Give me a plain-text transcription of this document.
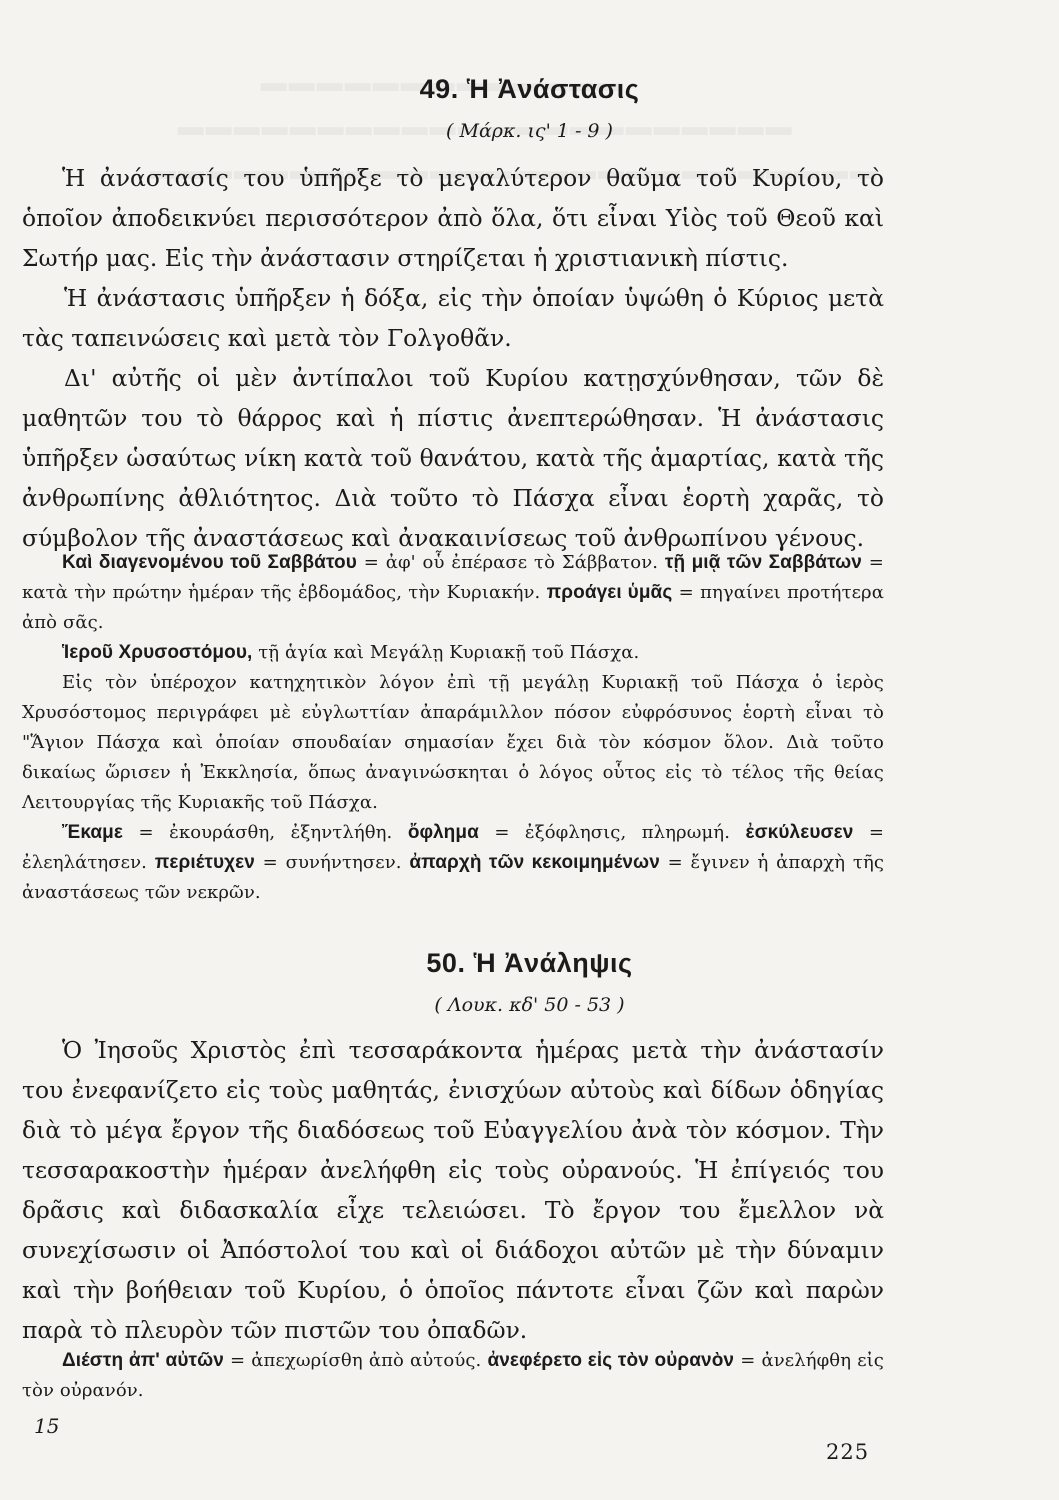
49. Ἡ Ἀνάστασις
( Μάρκ. ις' 1 - 9 )

Ἡ ἀνάστασίς του ὑπῆρξε τὸ μεγαλύτερον θαῦμα τοῦ Κυρίου, τὸ ὁποῖον ἀποδεικνύει περισσότερον ἀπὸ ὅλα, ὅτι εἶναι Υἱὸς τοῦ Θεοῦ καὶ Σωτήρ μας. Εἰς τὴν ἀνάστασιν στηρίζεται ἡ χριστιανικὴ πίστις.

Ἡ ἀνάστασις ὑπῆρξεν ἡ δόξα, εἰς τὴν ὁποίαν ὑψώθη ὁ Κύριος μετὰ τὰς ταπεινώσεις καὶ μετὰ τὸν Γολγοθᾶν.

Δι' αὐτῆς οἱ μὲν ἀντίπαλοι τοῦ Κυρίου κατῃσχύνθησαν, τῶν δὲ μαθητῶν του τὸ θάρρος καὶ ἡ πίστις ἀνεπτερώθησαν. Ἡ ἀνάστασις ὑπῆρξεν ὡσαύτως νίκη κατὰ τοῦ θανάτου, κατὰ τῆς ἁμαρτίας, κατὰ τῆς ἀνθρωπίνης ἀθλιότητος. Διὰ τοῦτο τὸ Πάσχα εἶναι ἑορτὴ χαρᾶς, τὸ σύμβολον τῆς ἀναστάσεως καὶ ἀνακαινίσεως τοῦ ἀνθρωπίνου γένους.

Καὶ διαγενομένου τοῦ Σαββάτου = ἀφ' οὗ ἐπέρασε τὸ Σάββατον. τῇ μιᾷ τῶν Σαββάτων = κατὰ τὴν πρώτην ἡμέραν τῆς ἑβδομάδος, τὴν Κυριακήν. προάγει ὑμᾶς = πηγαίνει προτήτερα ἀπὸ σᾶς.

Ἱεροῦ Χρυσοστόμου, τῇ ἁγία καὶ Μεγάλῃ Κυριακῇ τοῦ Πάσχα.

Εἰς τὸν ὑπέροχον κατηχητικὸν λόγον ἐπὶ τῇ μεγάλῃ Κυριακῇ τοῦ Πάσχα ὁ ἱερὸς Χρυσόστομος περιγράφει μὲ εὐγλωττίαν ἀπαράμιλλον πόσον εὐφρόσυνος ἑορτὴ εἶναι τὸ "Ἅγιον Πάσχα καὶ ὁποίαν σπουδαίαν σημασίαν ἔχει διὰ τὸν κόσμον ὅλον. Διὰ τοῦτο δικαίως ὥρισεν ἡ Ἐκκλησία, ὅπως ἀναγινώσκηται ὁ λόγος οὗτος εἰς τὸ τέλος τῆς θείας Λειτουργίας τῆς Κυριακῆς τοῦ Πάσχα.

Ἔκαμε = ἐκουράσθη, ἐξηντλήθη. ὄφλημα = ἐξόφλησις, πληρωμή. ἐσκύλευσεν = ἐλεηλάτησεν. περιέτυχεν = συνήντησεν. ἀπαρχὴ τῶν κεκοιμημένων = ἔγινεν ἡ ἀπαρχὴ τῆς ἀναστάσεως τῶν νεκρῶν.

50. Ἡ Ἀνάληψις
( Λουκ. κδ' 50 - 53 )

Ὁ Ἰησοῦς Χριστὸς ἐπὶ τεσσαράκοντα ἡμέρας μετὰ τὴν ἀνάστασίν του ἐνεφανίζετο εἰς τοὺς μαθητάς, ἐνισχύων αὐτοὺς καὶ δίδων ὁδηγίας διὰ τὸ μέγα ἔργον τῆς διαδόσεως τοῦ Εὐαγγελίου ἀνὰ τὸν κόσμον. Τὴν τεσσαρακοστὴν ἡμέραν ἀνελήφθη εἰς τοὺς οὐρανούς. Ἡ ἐπίγειός του δρᾶσις καὶ διδασκαλία εἶχε τελειώσει. Τὸ ἔργον του ἔμελλον νὰ συνεχίσωσιν οἱ Ἀπόστολοί του καὶ οἱ διάδοχοι αὐτῶν μὲ τὴν δύναμιν καὶ τὴν βοήθειαν τοῦ Κυρίου, ὁ ὁποῖος πάντοτε εἶναι ζῶν καὶ παρὼν παρὰ τὸ πλευρὸν τῶν πιστῶν του ὀπαδῶν.

Διέστη ἀπ' αὐτῶν = ἀπεχωρίσθη ἀπὸ αὐτούς. ἀνεφέρετο εἰς τὸν οὐρανὸν = ἀνελήφθη εἰς τὸν οὐρανόν.

15
225
